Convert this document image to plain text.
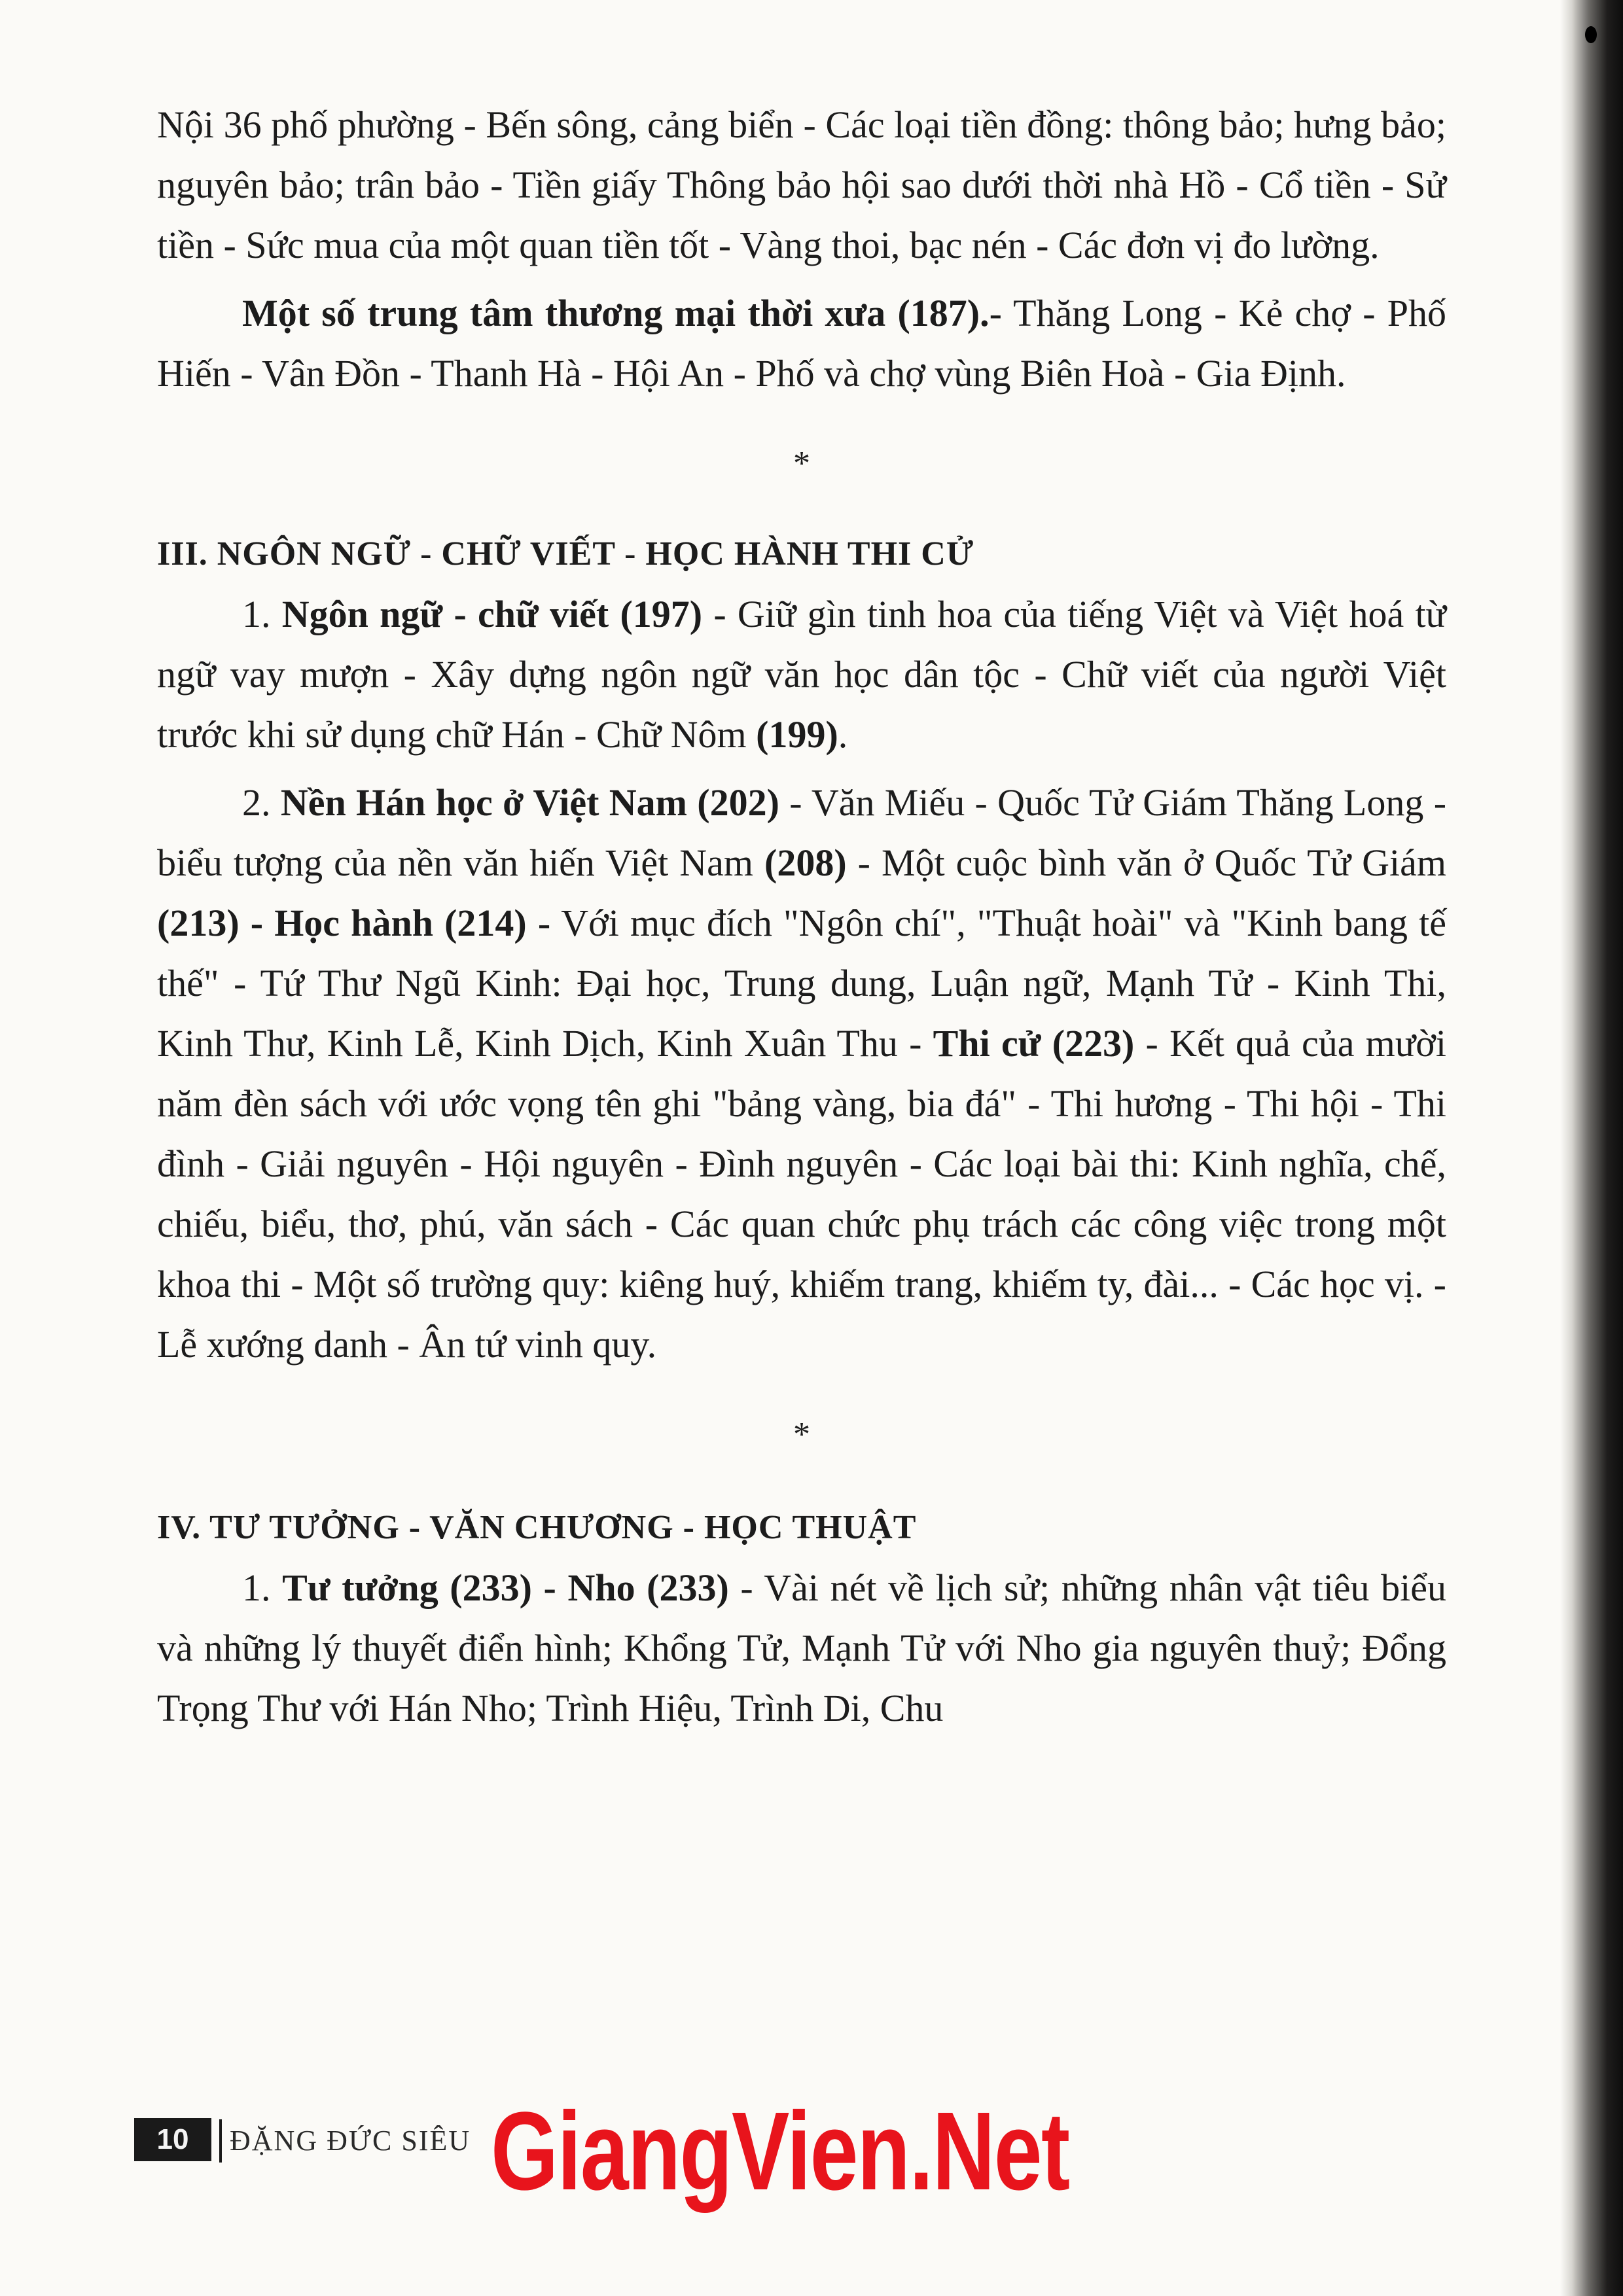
Nội 36 phố phường - Bến sông, cảng biển - Các loại tiền đồng: thông bảo; hưng bảo; nguyên bảo; trân bảo - Tiền giấy Thông bảo hội sao dưới thời nhà Hồ - Cổ tiền - Sử tiền - Sức mua của một quan tiền tốt - Vàng thoi, bạc nén - Các đơn vị đo lường.

Một số trung tâm thương mại thời xưa (187).- Thăng Long - Kẻ chợ - Phố Hiến - Vân Đồn - Thanh Hà - Hội An - Phố và chợ vùng Biên Hoà - Gia Định.

*
III. NGÔN NGỮ - CHỮ VIẾT - HỌC HÀNH THI CỬ

1. Ngôn ngữ - chữ viết (197) - Giữ gìn tinh hoa của tiếng Việt và Việt hoá từ ngữ vay mượn - Xây dựng ngôn ngữ văn học dân tộc - Chữ viết của người Việt trước khi sử dụng chữ Hán - Chữ Nôm (199).

2. Nền Hán học ở Việt Nam (202) - Văn Miếu - Quốc Tử Giám Thăng Long - biểu tượng của nền văn hiến Việt Nam (208) - Một cuộc bình văn ở Quốc Tử Giám (213) - Học hành (214) - Với mục đích "Ngôn chí", "Thuật hoài" và "Kinh bang tế thế" - Tứ Thư Ngũ Kinh: Đại học, Trung dung, Luận ngữ, Mạnh Tử - Kinh Thi, Kinh Thư, Kinh Lễ, Kinh Dịch, Kinh Xuân Thu - Thi cử (223) - Kết quả của mười năm đèn sách với ước vọng tên ghi "bảng vàng, bia đá" - Thi hương - Thi hội - Thi đình - Giải nguyên - Hội nguyên - Đình nguyên - Các loại bài thi: Kinh nghĩa, chế, chiếu, biểu, thơ, phú, văn sách - Các quan chức phụ trách các công việc trong một khoa thi - Một số trường quy: kiêng huý, khiếm trang, khiếm ty, đài... - Các học vị. - Lễ xướng danh - Ân tứ vinh quy.

*
IV. TƯ TƯỞNG - VĂN CHƯƠNG - HỌC THUẬT

1. Tư tưởng (233) - Nho (233) - Vài nét về lịch sử; những nhân vật tiêu biểu và những lý thuyết điển hình; Khổng Tử, Mạnh Tử với Nho gia nguyên thuỷ; Đổng Trọng Thư với Hán Nho; Trình Hiệu, Trình Di, Chu

10	ĐẶNG ĐỨC SIÊU GiangVien.Net
